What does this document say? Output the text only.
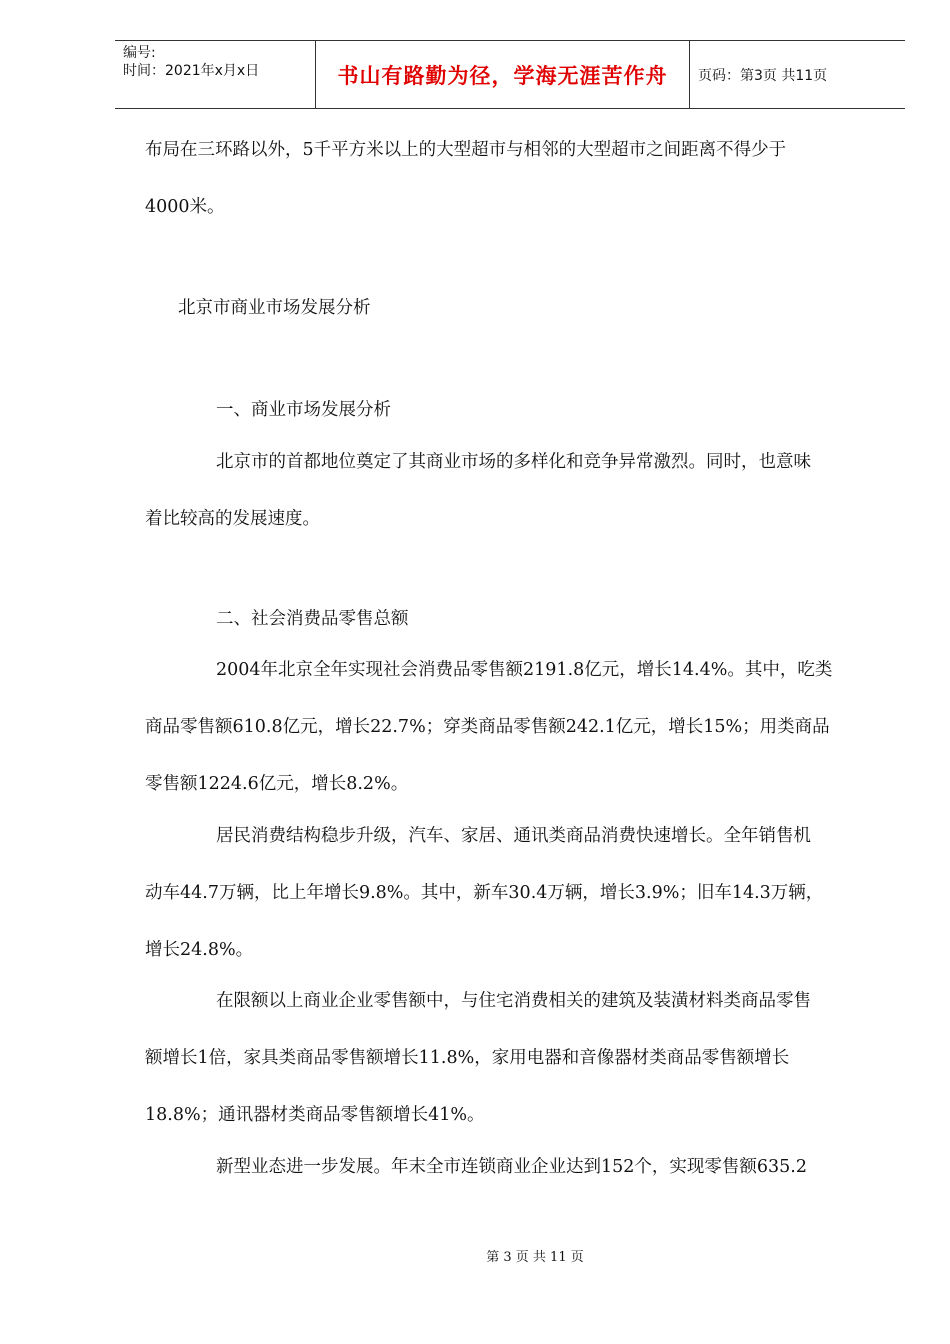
编号:
时间：2021年x月x日	书山有路勤为径，学海无涯苦作舟 页码：第3页 共11页
布局在三环路以外，5千平方米以上的大型超市与相邻的大型超市之间距离不得少于
4000米。
北京市商业市场发展分析
一、商业市场发展分析
北京市的首都地位奠定了其商业市场的多样化和竞争异常激烈。同时，也意味
着比较高的发展速度。
二、社会消费品零售总额
2004年北京全年实现社会消费品零售额2191.8亿元，增长14.4%。其中，吃类
商品零售额610.8亿元，增长22.7%；穿类商品零售额242.1亿元，增长15%；用类商品
零售额1224.6亿元，增长8.2%。
居民消费结构稳步升级，汽车、家居、通讯类商品消费快速增长。全年销售机
动车44.7万辆，比上年增长9.8%。其中，新车30.4万辆，增长3.9%；旧车14.3万辆，
增长24.8%。
在限额以上商业企业零售额中，与住宅消费相关的建筑及装潢材料类商品零售
额增长1倍，家具类商品零售额增长11.8%，家用电器和音像器材类商品零售额增长
18.8%；通讯器材类商品零售额增长41%。
新型业态进一步发展。年末全市连锁商业企业达到152个，实现零售额635.2
第 3 页 共 11 页
